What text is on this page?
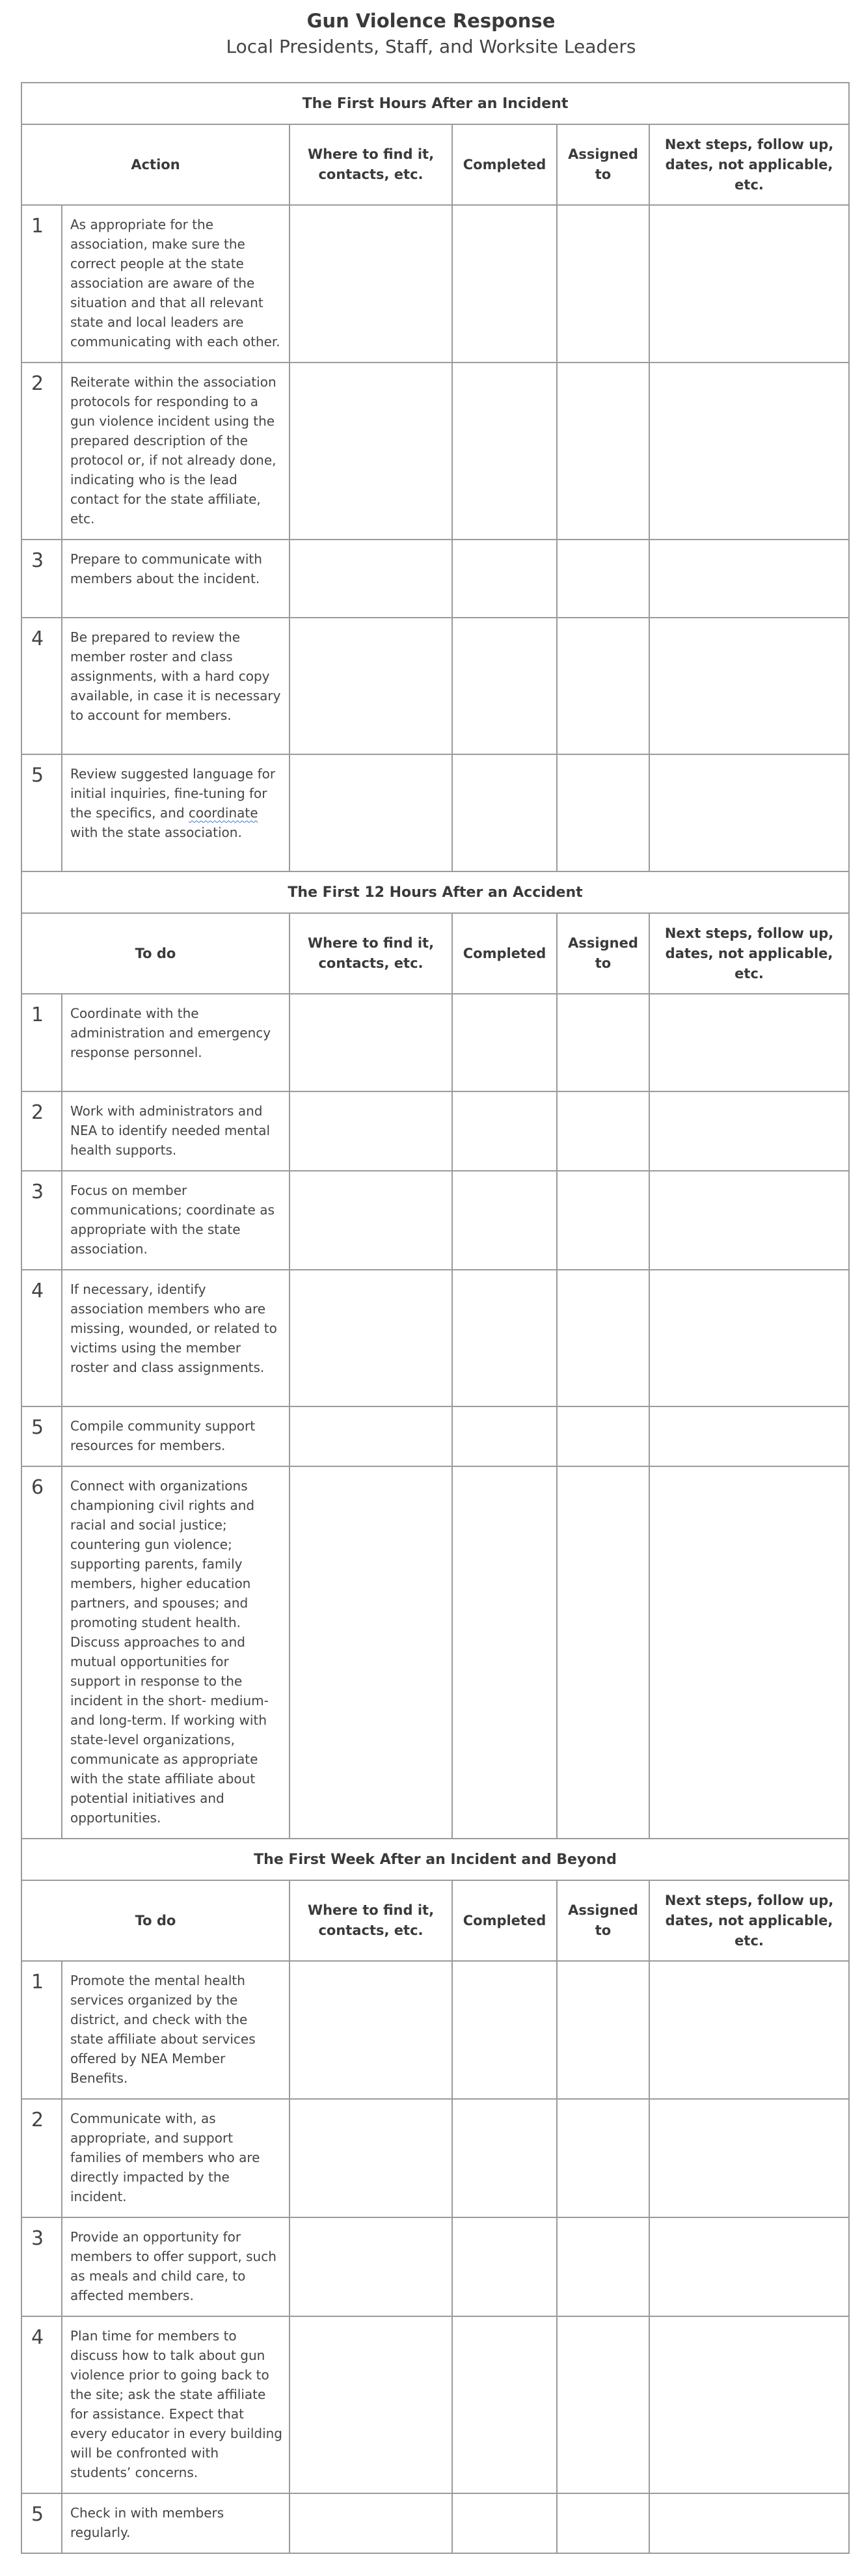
Gun Violence Response

Local Presidents, Staff, and Worksite Leaders

The First Hours After an Incident					
Action		Where to find it, contacts, etc.	Completed	Assigned to	Next steps, follow up, dates, not applicable, etc.
1	As appropriate for the association, make sure the correct people at the state association are aware of the situation and that all relevant state and local leaders are communicating with each other.				
2	Reiterate within the association protocols for responding to a gun violence incident using the prepared description of the protocol or, if not already done, indicating who is the lead contact for the state affiliate, etc.				
3	Prepare to communicate with members about the incident.				
4	Be prepared to review the member roster and class assignments, with a hard copy available, in case it is necessary to account for members.				
5	Review suggested language for initial inquiries, fine-tuning for the specifics, and coordinate with the state association.				
The First 12 Hours After an Accident					
To do		Where to find it, contacts, etc.	Completed	Assigned to	Next steps, follow up, dates, not applicable, etc.
1	Coordinate with the administration and emergency response personnel.				
2	Work with administrators and NEA to identify needed mental health supports.				
3	Focus on member communications; coordinate as appropriate with the state association.				
4	If necessary, identify association members who are missing, wounded, or related to victims using the member roster and class assignments.				
5	Compile community support resources for members.				
6	Connect with organizations championing civil rights and racial and social justice; countering gun violence; supporting parents, family members, higher education partners, and spouses; and promoting student health. Discuss approaches to and mutual opportunities for support in response to the incident in the short- medium- and long-term. If working with state-level organizations, communicate as appropriate with the state affiliate about potential initiatives and opportunities.				
The First Week After an Incident and Beyond					
To do		Where to find it, contacts, etc.	Completed	Assigned to	Next steps, follow up, dates, not applicable, etc.
1	Promote the mental health services organized by the district, and check with the state affiliate about services offered by NEA Member Benefits.				
2	Communicate with, as appropriate, and support families of members who are directly impacted by the incident.				
3	Provide an opportunity for members to offer support, such as meals and child care, to affected members.				
4	Plan time for members to discuss how to talk about gun violence prior to going back to the site; ask the state affiliate for assistance. Expect that every educator in every building will be confronted with students’ concerns.				
5	Check in with members regularly.				
